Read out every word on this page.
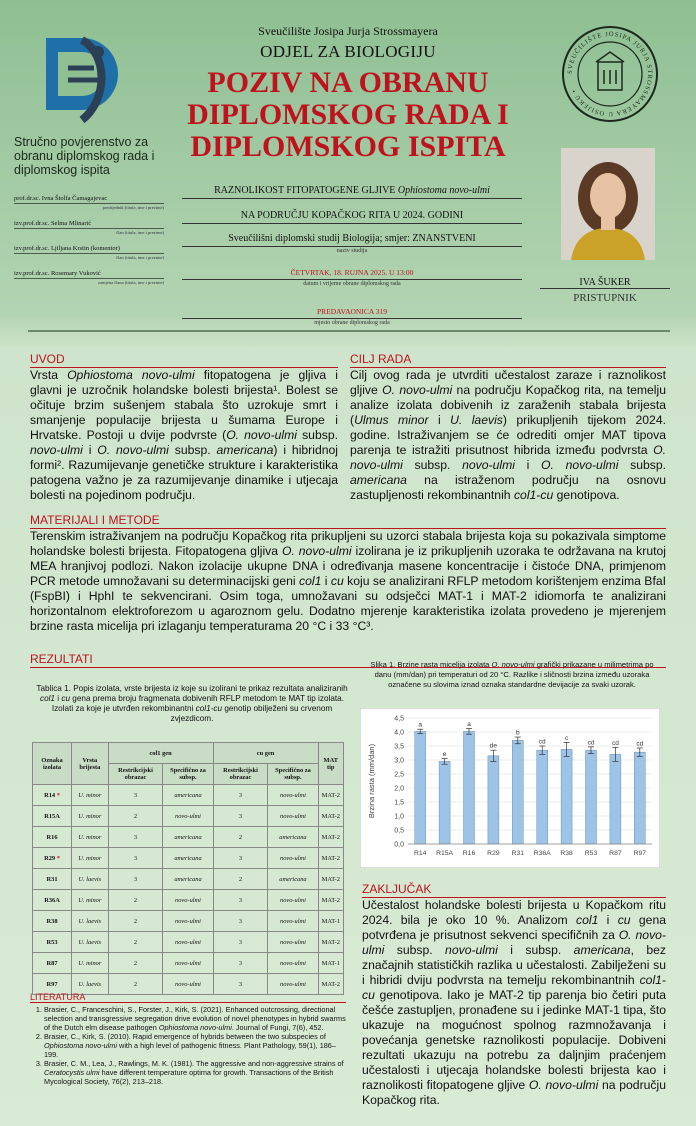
Stručno povjerenstvo za obranu diplomskog rada i diplomskog ispita
prof.dr.sc. Ivna Štolfa Čamagajevac
predsjednik (titula, ime i prezime)
izv.prof.dr.sc. Selma Mlinarić
član (titula, ime i prezime)
izv.prof.dr.sc. Ljiljana Krstin (komentor)
član (titula, ime i prezime)
izv.prof.dr.sc. Rosemary Vuković
zamjena člana (titula, ime i prezime)
Sveučilište Josipa Jurja Strossmayera
ODJEL ZA BIOLOGIJU
POZIV NA OBRANU
DIPLOMSKOG RADA I
DIPLOMSKOG ISPITA
SVEUČILIŠTE JOSIPA JURJA STROSSMAYERA U OSIJEKU •
RAZNOLIKOST FITOPATOGENE GLJIVE Ophiostoma novo-ulmi
NA PODRUČJU KOPAČKOG RITA U 2024. GODINI
Sveučilišni diplomski studij Biologija; smjer: ZNANSTVENI
naziv studija
ČETVRTAK, 18. RUJNA 2025. U 13:00
datum i vrijeme obrane diplomskog rada
PREDAVAONICA 319
mjesto obrane diplomskog rada
IVA ŠUKER
PRISTUPNIK
UVOD
Vrsta Ophiostoma novo-ulmi fitopatogena je gljiva i glavni je uzročnik holandske bolesti brijesta¹. Bolest se očituje brzim sušenjem stabala što uzrokuje smrt i smanjenje populacije brijesta u šumama Europe i Hrvatske. Postoji u dvije podvrste (O. novo-ulmi subsp. novo-ulmi i O. novo-ulmi subsp. americana) i hibridnoj formi². Razumijevanje genetičke strukture i karakteristika patogena važno je za razumijevanje dinamike i utjecaja bolesti na pojedinom području.
CILJ RADA
Cilj ovog rada je utvrditi učestalost zaraze i raznolikost gljive O. novo-ulmi na području Kopačkog rita, na temelju analize izolata dobivenih iz zaraženih stabala brijesta (Ulmus minor i U. laevis) prikupljenih tijekom 2024. godine. Istraživanjem se će odrediti omjer MAT tipova parenja te istražiti prisutnost hibrida između podvrsta O. novo-ulmi subsp. novo-ulmi i O. novo-ulmi subsp. americana na istraženom području na osnovu zastupljenosti rekombinantnih col1-cu genotipova.
MATERIJALI I METODE
Terenskim istraživanjem na području Kopačkog rita prikupljeni su uzorci stabala brijesta koja su pokazivala simptome holandske bolesti brijesta. Fitopatogena gljiva O. novo-ulmi izolirana je iz prikupljenih uzoraka te održavana na krutoj MEA hranjivoj podlozi. Nakon izolacije ukupne DNA i određivanja masene koncentracije i čistoće DNA, primjenom PCR metode umnožavani su determinacijski geni col1 i cu koju se analizirani RFLP metodom korištenjem enzima BfaI (FspBI) i HphI te sekvencirani. Osim toga, umnožavani su odsječci MAT-1 i MAT-2 idiomorfa te analizirani horizontalnom elektroforezom u agaroznom gelu. Dodatno mjerenje karakteristika izolata provedeno je mjerenjem brzine rasta micelija pri izlaganju temperaturama 20 °C i 33 °C³.
REZULTATI
Tablica 1. Popis izolata, vrste brijesta iz koje su izolirani te prikaz rezultata analiziranih col1 i cu gena prema broju fragmenata dobivenih RFLP metodom te MAT tip izolata. Izolati za koje je utvrđen rekombinantni col1-cu genotip obilježeni su crvenom zvjezdicom.
Oznaka izolata	Vrsta brijesta	col1 gen		cu gen		MAT tip
		Restrikcijski obrazac	Specifično za subsp.	Restrikcijski obrazac	Specifično za subsp.	
R14 *	U. minor	3	americana	3	novo-ulmi	MAT-2
R15A	U. minor	2	novo-ulmi	3	novo-ulmi	MAT-2
R16	U. minor	3	americana	2	americana	MAT-2
R29 *	U. minor	3	americana	3	novo-ulmi	MAT-2
R31	U. laevis	3	americana	2	americana	MAT-2
R36A	U. minor	2	novo-ulmi	3	novo-ulmi	MAT-2
R38	U. laevis	2	novo-ulmi	3	novo-ulmi	MAT-1
R53	U. laevis	2	novo-ulmi	3	novo-ulmi	MAT-2
R87	U. minor	2	novo-ulmi	3	novo-ulmi	MAT-1
R97	U. laevis	2	novo-ulmi	3	novo-ulmi	MAT-2
Slika 1. Brzine rasta micelija izolata O. novo-ulmi grafički prikazane u milimetrima po danu (mm/dan) pri temperaturi od 20 °C. Razlike i sličnosti brzina između uzoraka označene su slovima iznad oznaka standardne devijacije za svaki uzorak.
0,0
0,5
1,0
1,5
2,0
2,5
3,0
3,5
4,0
4,5
Brzina rasta (mm/dan)
a
R14
e
R15A
a
R16
de
R29
b
R31
cd
R36A
c
R38
cd
R53
cd
R87
cd
R97
ZAKLJUČAK
Učestalost holandske bolesti brijesta u Kopačkom ritu 2024. bila je oko 10 %. Analizom col1 i cu gena potvrđena je prisutnost sekvenci specifičnih za O. novo-ulmi subsp. novo-ulmi i subsp. americana, bez značajnih statističkih razlika u učestalosti. Zabilježeni su i hibridi dviju podvrsta na temelju rekombinantnih col1-cu genotipova. Iako je MAT-2 tip parenja bio četiri puta češće zastupljen, pronađene su i jedinke MAT-1 tipa, što ukazuje na mogućnost spolnog razmnožavanja i povećanja genetske raznolikosti populacije. Dobiveni rezultati ukazuju na potrebu za daljnjim praćenjem učestalosti i utjecaja holandske bolesti brijesta kao i raznolikosti fitopatogene gljive O. novo-ulmi na području Kopačkog rita.
LITERATURA
1. Brasier, C., Franceschini, S., Forster, J., Kirk, S. (2021). Enhanced outcrossing, directional selection and transgressive segregation drive evolution of novel phenotypes in hybrid swarms of the Dutch elm disease pathogen Ophiostoma novo-ulmi. Journal of Fungi, 7(6), 452.
2. Brasier, C., Kirk, S. (2010). Rapid emergence of hybrids between the two subspecies of Ophiostoma novo-ulmi with a high level of pathogenic fitness. Plant Pathology, 59(1), 186–199.
3. Brasier, C. M., Lea, J., Rawlings, M. K. (1981). The aggressive and non-aggressive strains of Ceratocystis ulmi have different temperature optima for growth. Transactions of the British Mycological Society, 76(2), 213–218.
